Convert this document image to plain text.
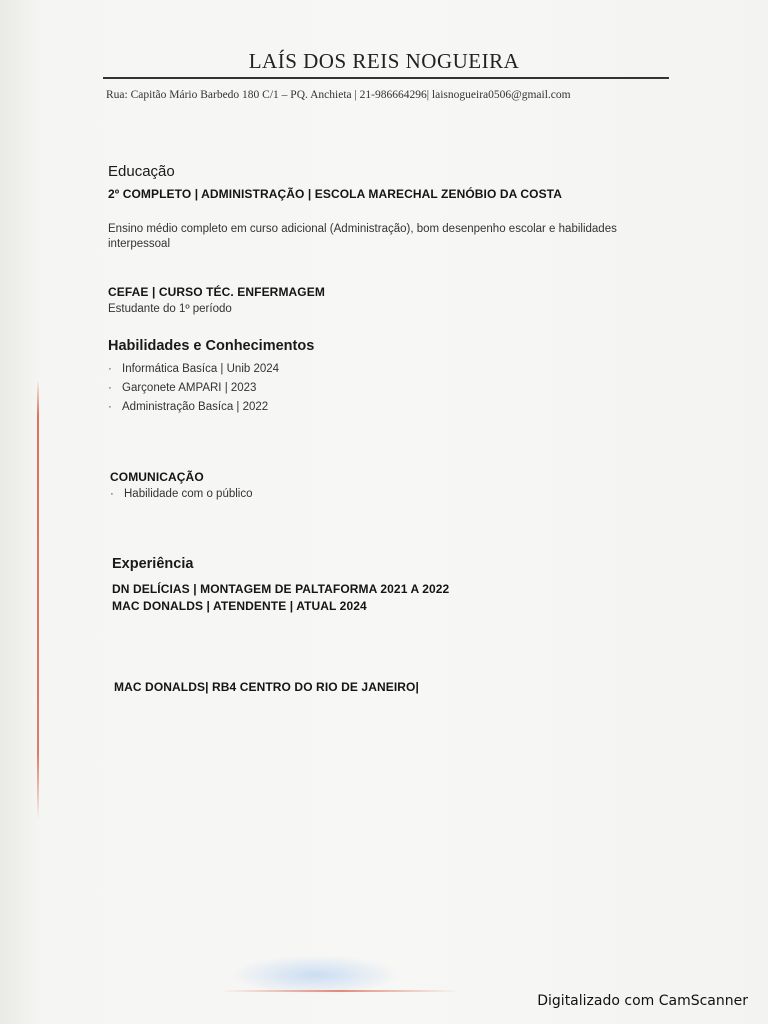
LAÍS DOS REIS NOGUEIRA
Rua: Capitão Mário Barbedo 180 C/1 – PQ. Anchieta | 21-986664296| laisnogueira0506@gmail.com
Educação
2º COMPLETO | ADMINISTRAÇÃO | ESCOLA MARECHAL ZENÓBIO DA COSTA
Ensino médio completo em curso adicional (Administração), bom desenpenho escolar e habilidades interpessoal
CEFAE | CURSO TÉC. ENFERMAGEM
Estudante do 1º período
Habilidades e Conhecimentos
· Informática Basíca | Unib 2024
· Garçonete AMPARI | 2023
· Administração Basíca | 2022
COMUNICAÇÃO
· Habilidade com o público
Experiência
DN DELÍCIAS | MONTAGEM DE PALTAFORMA 2021 A 2022
MAC DONALDS | ATENDENTE | ATUAL 2024
MAC DONALDS| RB4 CENTRO DO RIO DE JANEIRO|
Digitalizado com CamScanner
